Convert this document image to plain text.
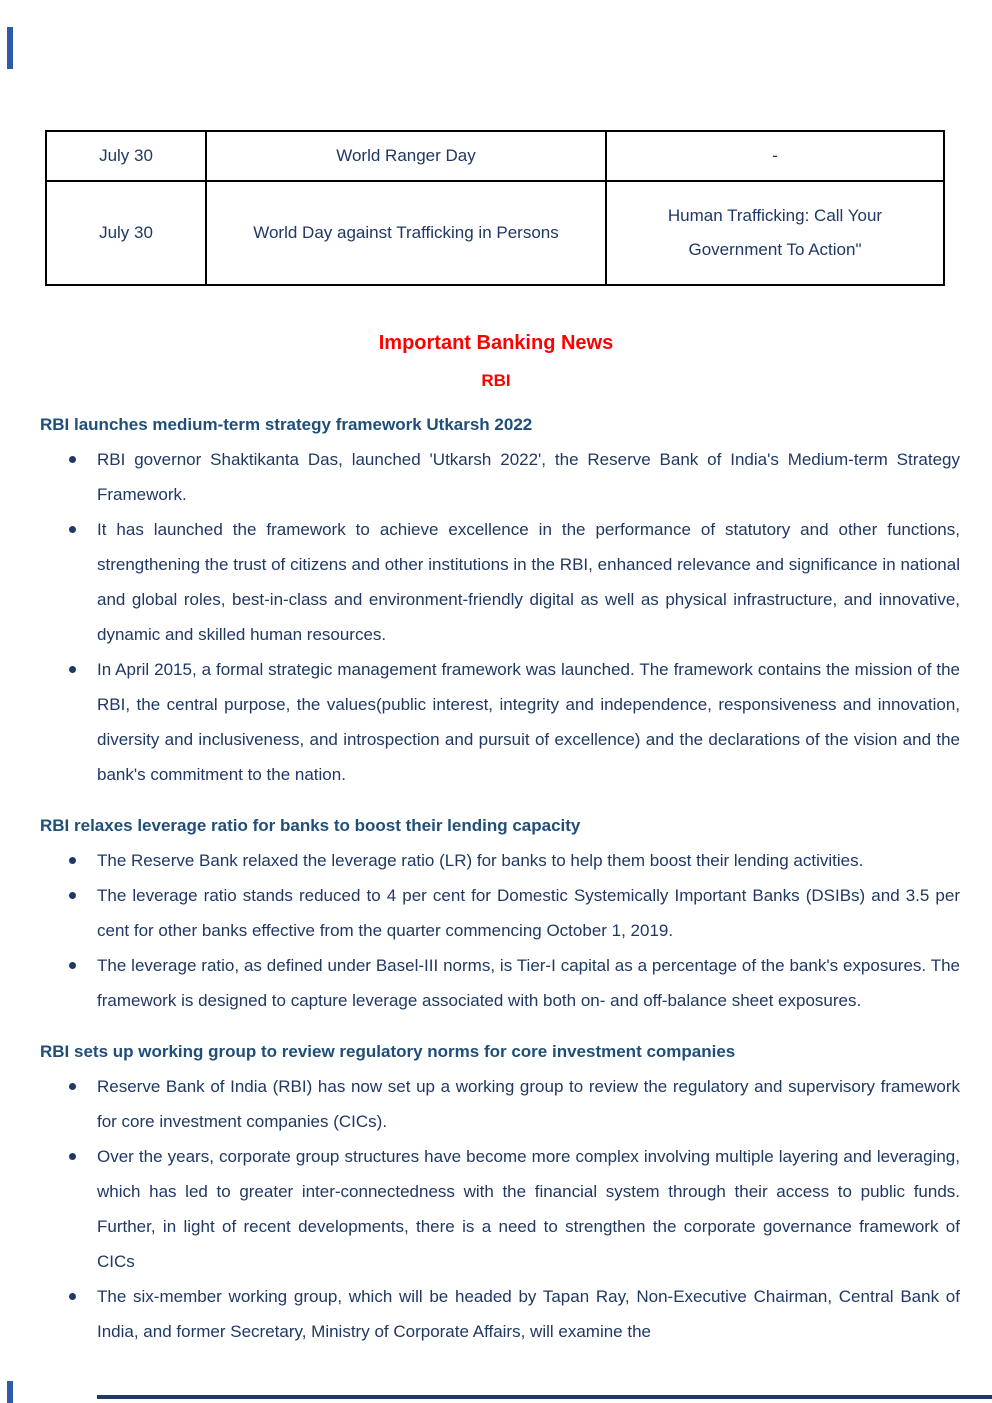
July 30	World Ranger Day	-
July 30	World Day against Trafficking in Persons	Human Trafficking: Call Your Government To Action"
Important Banking News
RBI
RBI launches medium-term strategy framework Utkarsh 2022
RBI governor Shaktikanta Das, launched 'Utkarsh 2022', the Reserve Bank of India's Medium-term Strategy Framework.
It has launched the framework to achieve excellence in the performance of statutory and other functions, strengthening the trust of citizens and other institutions in the RBI, enhanced relevance and significance in national and global roles, best-in-class and environment-friendly digital as well as physical infrastructure, and innovative, dynamic and skilled human resources.
In April 2015, a formal strategic management framework was launched. The framework contains the mission of the RBI, the central purpose, the values(public interest, integrity and independence, responsiveness and innovation, diversity and inclusiveness, and introspection and pursuit of excellence) and the declarations of the vision and the bank's commitment to the nation.
RBI relaxes leverage ratio for banks to boost their lending capacity
The Reserve Bank relaxed the leverage ratio (LR) for banks to help them boost their lending activities.
The leverage ratio stands reduced to 4 per cent for Domestic Systemically Important Banks (DSIBs) and 3.5 per cent for other banks effective from the quarter commencing October 1, 2019.
The leverage ratio, as defined under Basel-III norms, is Tier-I capital as a percentage of the bank's exposures. The framework is designed to capture leverage associated with both on- and off-balance sheet exposures.
RBI sets up working group to review regulatory norms for core investment companies
Reserve Bank of India (RBI) has now set up a working group to review the regulatory and supervisory framework for core investment companies (CICs).
Over the years, corporate group structures have become more complex involving multiple layering and leveraging, which has led to greater inter-connectedness with the financial system through their access to public funds. Further, in light of recent developments, there is a need to strengthen the corporate governance framework of CICs
The six-member working group, which will be headed by Tapan Ray, Non-Executive Chairman, Central Bank of India, and former Secretary, Ministry of Corporate Affairs, will examine the
